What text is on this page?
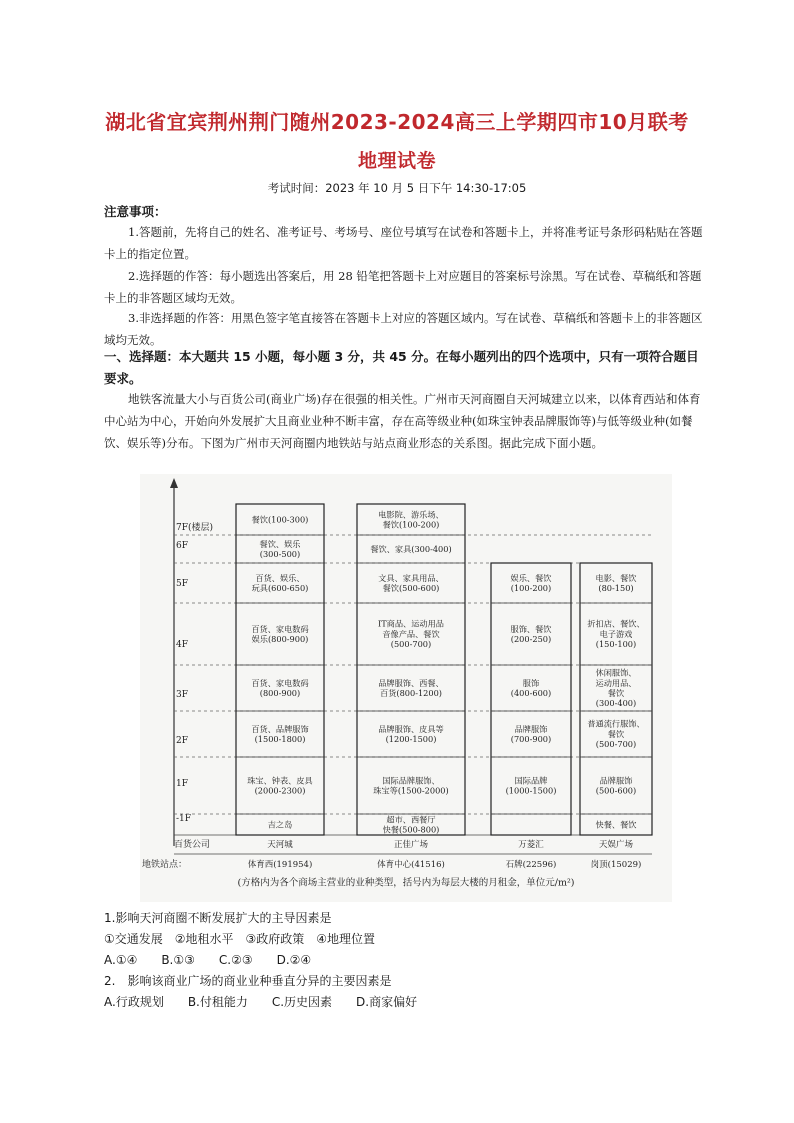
湖北省宜宾荆州荆门随州2023-2024高三上学期四市10月联考
地理试卷
考试时间：2023 年 10 月 5 日下午 14:30-17:05
注意事项：
1.答题前，先将自己的姓名、准考证号、考场号、座位号填写在试卷和答题卡上，并将准考证号条形码粘贴在答题卡上的指定位置。
2.选择题的作答：每小题选出答案后，用 28 铅笔把答题卡上对应题目的答案标号涂黑。写在试卷、草稿纸和答题卡上的非答题区域均无效。
3.非选择题的作答：用黑色签字笔直接答在答题卡上对应的答题区域内。写在试卷、草稿纸和答题卡上的非答题区域均无效。
一、选择题：本大题共 15 小题，每小题 3 分，共 45 分。在每小题列出的四个选项中，只有一项符合题目要求。
地铁客流量大小与百货公司(商业广场)存在很强的相关性。广州市天河商圈自天河城建立以来，以体育西站和体育中心站为中心，开始向外发展扩大且商业业种不断丰富，存在高等级业种(如珠宝钟表品牌服饰等)与低等级业种(如餐饮、娱乐等)分布。下图为广州市天河商圈内地铁站与站点商业形态的关系图。据此完成下面小题。
-1F
1F
2F
3F
4F
5F
6F
7F(楼层)
百货公司
地铁站点：
吉之岛
珠宝、钟表、皮具(2000-2300)
百货、品牌服饰(1500-1800)
百货、家电数码(800-900)
百货、家电数码娱乐(800-900)
百货、娱乐、玩具(600-650)
餐饮、娱乐(300-500)
餐饮(100-300)
天河城
体育西(191954)
超市、西餐厅快餐(500-800)
国际品牌服饰、珠宝等(1500-2000)
品牌服饰、皮具等(1200-1500)
品牌服饰、西餐、百货(800-1200)
IT商品、运动用品音像产品、餐饮(500-700)
文具、家具用品、餐饮(500-600)
餐饮、家具(300-400)
电影院、游乐场、餐饮(100-200)
正佳广场
体育中心(41516)
国际品牌(1000-1500)
品牌服饰(700-900)
服饰(400-600)
服饰、餐饮(200-250)
娱乐、餐饮(100-200)
万菱汇
石牌(22596)
快餐、餐饮
品牌服饰(500-600)
普通流行服饰、餐饮(500-700)
休闲服饰、运动用品、餐饮(300-400)
折扣店、餐饮、电子游戏(150-100)
电影、餐饮(80-150)
天娱广场
岗顶(15029)
(方格内为各个商场主营业的业种类型，括号内为每层大楼的月租金，单位元/m²)
1.影响天河商圈不断发展扩大的主导因素是
①交通发展　②地租水平　③政府政策　④地理位置
A.①④　　B.①③　　C.②③　　D.②④
2.　影响该商业广场的商业业种垂直分异的主要因素是
A.行政规划　　B.付租能力　　C.历史因素　　D.商家偏好
